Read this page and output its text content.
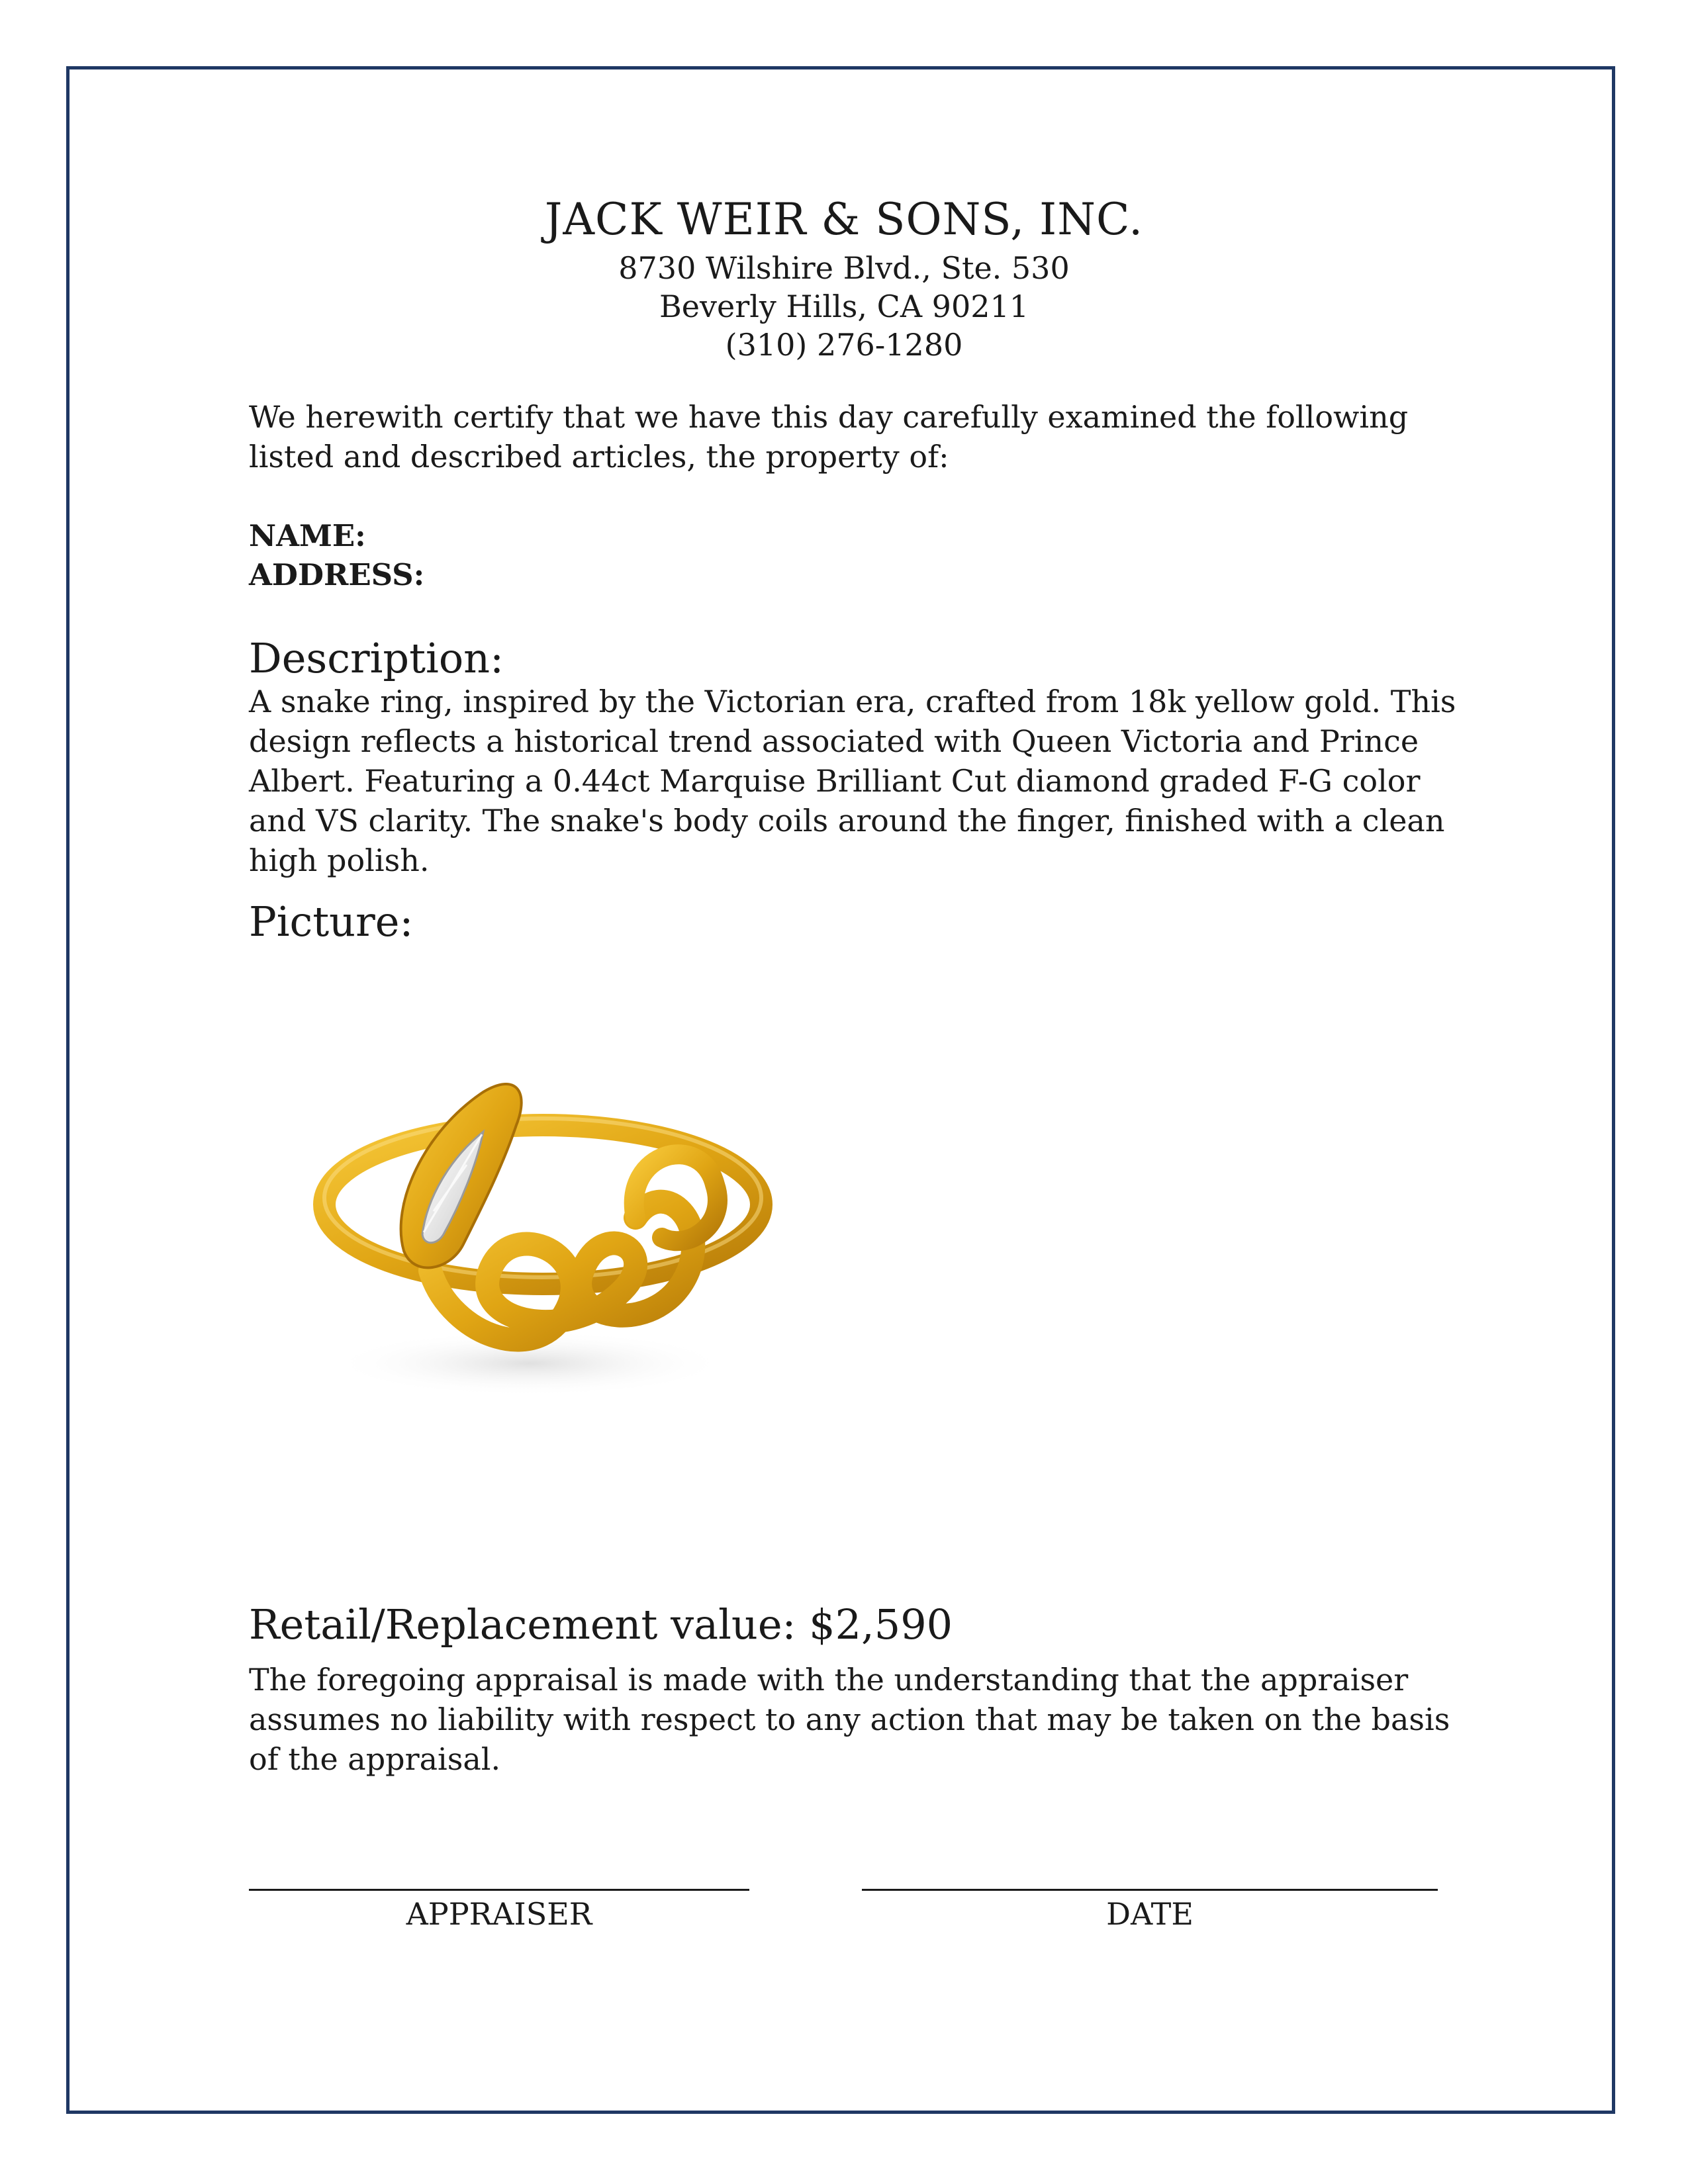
JACK WEIR & SONS, INC.
8730 Wilshire Blvd., Ste. 530
Beverly Hills, CA 90211
(310) 276-1280
We herewith certify that we have this day carefully examined the following listed and described articles, the property of:
NAME:
ADDRESS:
Description:
A snake ring, inspired by the Victorian era, crafted from 18k yellow gold. This design reflects a historical trend associated with Queen Victoria and Prince Albert. Featuring a 0.44ct Marquise Brilliant Cut diamond graded F-G color and VS clarity. The snake's body coils around the finger, finished with a clean high polish.
Picture:
Retail/Replacement value: $2,590
The foregoing appraisal is made with the understanding that the appraiser assumes no liability with respect to any action that may be taken on the basis of the appraisal.
APPRAISER	DATE
